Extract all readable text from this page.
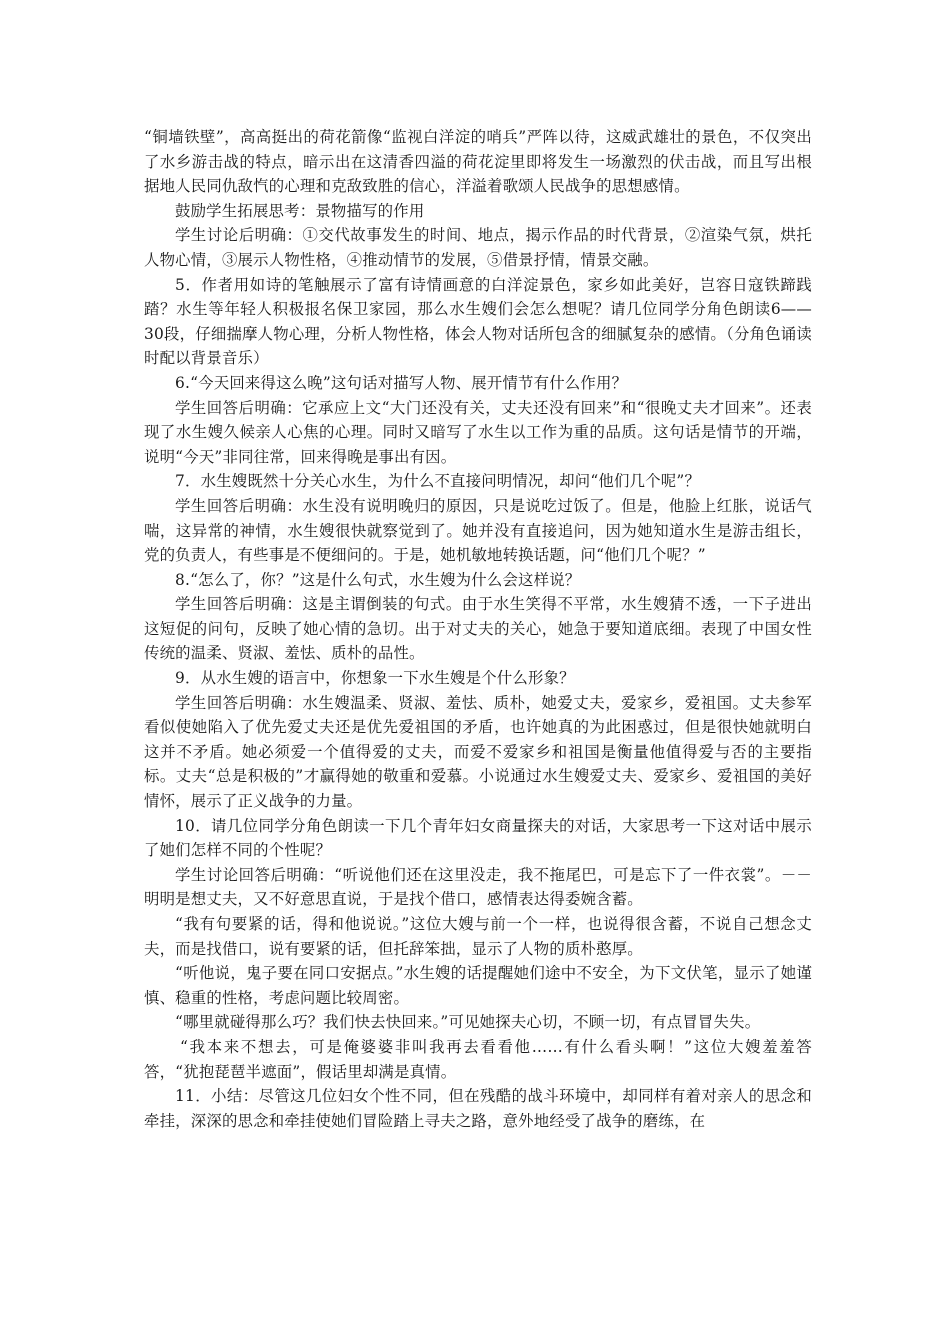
“铜墙铁壁”，高高挺出的荷花箭像“监视白洋淀的哨兵”严阵以待，这威武雄壮的景色，不仅突出了水乡游击战的特点，暗示出在这清香四溢的荷花淀里即将发生一场激烈的伏击战，而且写出根据地人民同仇敌忾的心理和克敌致胜的信心，洋溢着歌颂人民战争的思想感情。

鼓励学生拓展思考：景物描写的作用

学生讨论后明确：①交代故事发生的时间、地点，揭示作品的时代背景，②渲染气氛，烘托人物心情，③展示人物性格，④推动情节的发展，⑤借景抒情，情景交融。

5．作者用如诗的笔触展示了富有诗情画意的白洋淀景色，家乡如此美好，岂容日寇铁蹄践踏？水生等年轻人积极报名保卫家园，那么水生嫂们会怎么想呢？请几位同学分角色朗读6——30段，仔细揣摩人物心理，分析人物性格，体会人物对话所包含的细腻复杂的感情。（分角色诵读时配以背景音乐）

6.“今天回来得这么晚”这句话对描写人物、展开情节有什么作用？

学生回答后明确：它承应上文“大门还没有关，丈夫还没有回来”和“很晚丈夫才回来”。还表现了水生嫂久候亲人心焦的心理。同时又暗写了水生以工作为重的品质。这句话是情节的开端，说明“今天”非同往常，回来得晚是事出有因。

7．水生嫂既然十分关心水生，为什么不直接问明情况，却问“他们几个呢”？

学生回答后明确：水生没有说明晚归的原因，只是说吃过饭了。但是，他脸上红胀，说话气喘，这异常的神情，水生嫂很快就察觉到了。她并没有直接追问，因为她知道水生是游击组长，党的负责人，有些事是不便细问的。于是，她机敏地转换话题，问“他们几个呢？”

8.“怎么了，你？”这是什么句式，水生嫂为什么会这样说？

学生回答后明确：这是主谓倒装的句式。由于水生笑得不平常，水生嫂猜不透，一下子进出这短促的问句，反映了她心情的急切。出于对丈夫的关心，她急于要知道底细。表现了中国女性传统的温柔、贤淑、羞怯、质朴的品性。

9．从水生嫂的语言中，你想象一下水生嫂是个什么形象？

学生回答后明确：水生嫂温柔、贤淑、羞怯、质朴，她爱丈夫，爱家乡，爱祖国。丈夫参军看似使她陷入了优先爱丈夫还是优先爱祖国的矛盾，也许她真的为此困惑过，但是很快她就明白这并不矛盾。她必须爱一个值得爱的丈夫，而爱不爱家乡和祖国是衡量他值得爱与否的主要指标。丈夫“总是积极的”才赢得她的敬重和爱慕。小说通过水生嫂爱丈夫、爱家乡、爱祖国的美好情怀，展示了正义战争的力量。

10．请几位同学分角色朗读一下几个青年妇女商量探夫的对话，大家思考一下这对话中展示了她们怎样不同的个性呢？

学生讨论回答后明确：“听说他们还在这里没走，我不拖尾巴，可是忘下了一件衣裳”。－－明明是想丈夫，又不好意思直说，于是找个借口，感情表达得委婉含蓄。

“我有句要紧的话，得和他说说。”这位大嫂与前一个一样，也说得很含蓄，不说自己想念丈夫，而是找借口，说有要紧的话，但托辞笨拙，显示了人物的质朴憨厚。

“听他说，鬼子要在同口安据点。”水生嫂的话提醒她们途中不安全，为下文伏笔，显示了她谨慎、稳重的性格，考虑问题比较周密。

“哪里就碰得那么巧？我们快去快回来。”可见她探夫心切，不顾一切，有点冒冒失失。

“我本来不想去，可是俺婆婆非叫我再去看看他……有什么看头啊！”这位大嫂羞羞答答，“犹抱琵琶半遮面”，假话里却满是真情。

11．小结：尽管这几位妇女个性不同，但在残酷的战斗环境中，却同样有着对亲人的思念和牵挂，深深的思念和牵挂使她们冒险踏上寻夫之路，意外地经受了战争的磨练，在
